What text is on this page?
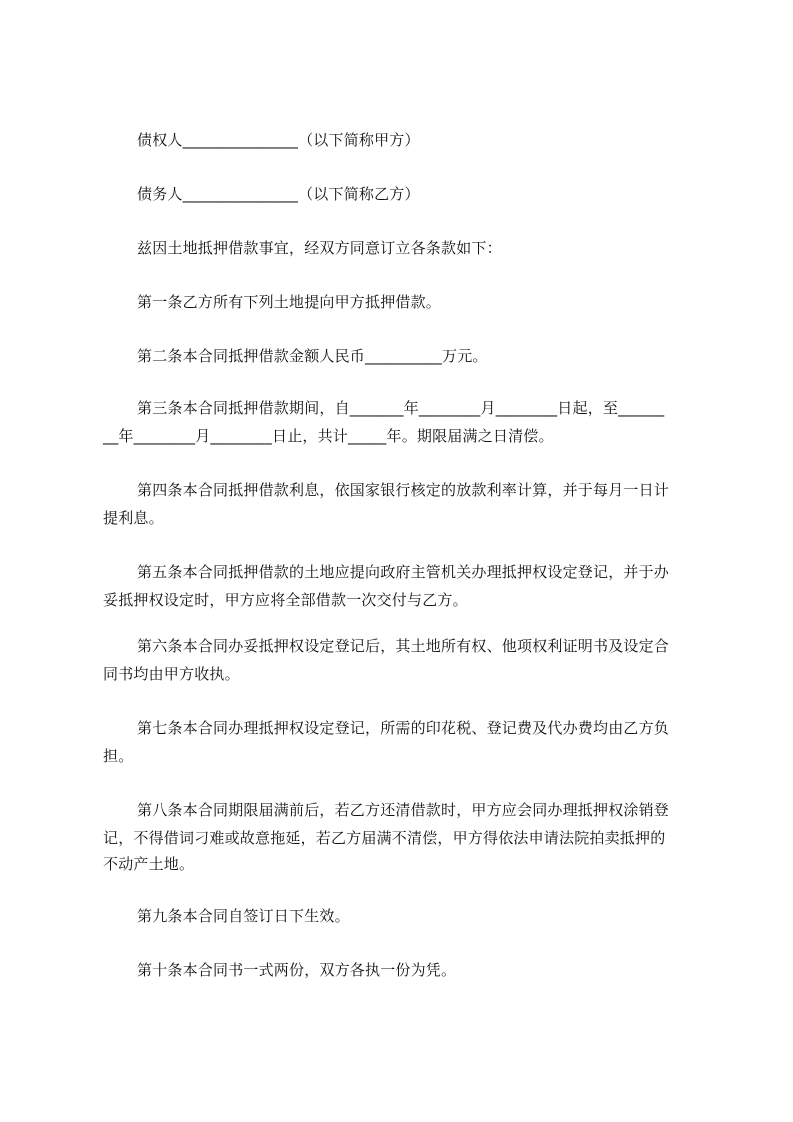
债权人_______________（以下简称甲方）
债务人_______________（以下简称乙方）
兹因土地抵押借款事宜，经双方同意订立各条款如下：
第一条乙方所有下列土地提向甲方抵押借款。
第二条本合同抵押借款金额人民币__________万元。
第三条本合同抵押借款期间，自_______年________月________日起，至______
__年________月________日止，共计_____年。期限届满之日清偿。
第四条本合同抵押借款利息，依国家银行核定的放款利率计算，并于每月一日计
提利息。
第五条本合同抵押借款的土地应提向政府主管机关办理抵押权设定登记，并于办
妥抵押权设定时，甲方应将全部借款一次交付与乙方。
第六条本合同办妥抵押权设定登记后，其土地所有权、他项权利证明书及设定合
同书均由甲方收执。
第七条本合同办理抵押权设定登记，所需的印花税、登记费及代办费均由乙方负
担。
第八条本合同期限届满前后，若乙方还清借款时，甲方应会同办理抵押权涂销登
记，不得借词刁难或故意拖延，若乙方届满不清偿，甲方得依法申请法院拍卖抵押的
不动产土地。
第九条本合同自签订日下生效。
第十条本合同书一式两份，双方各执一份为凭。
